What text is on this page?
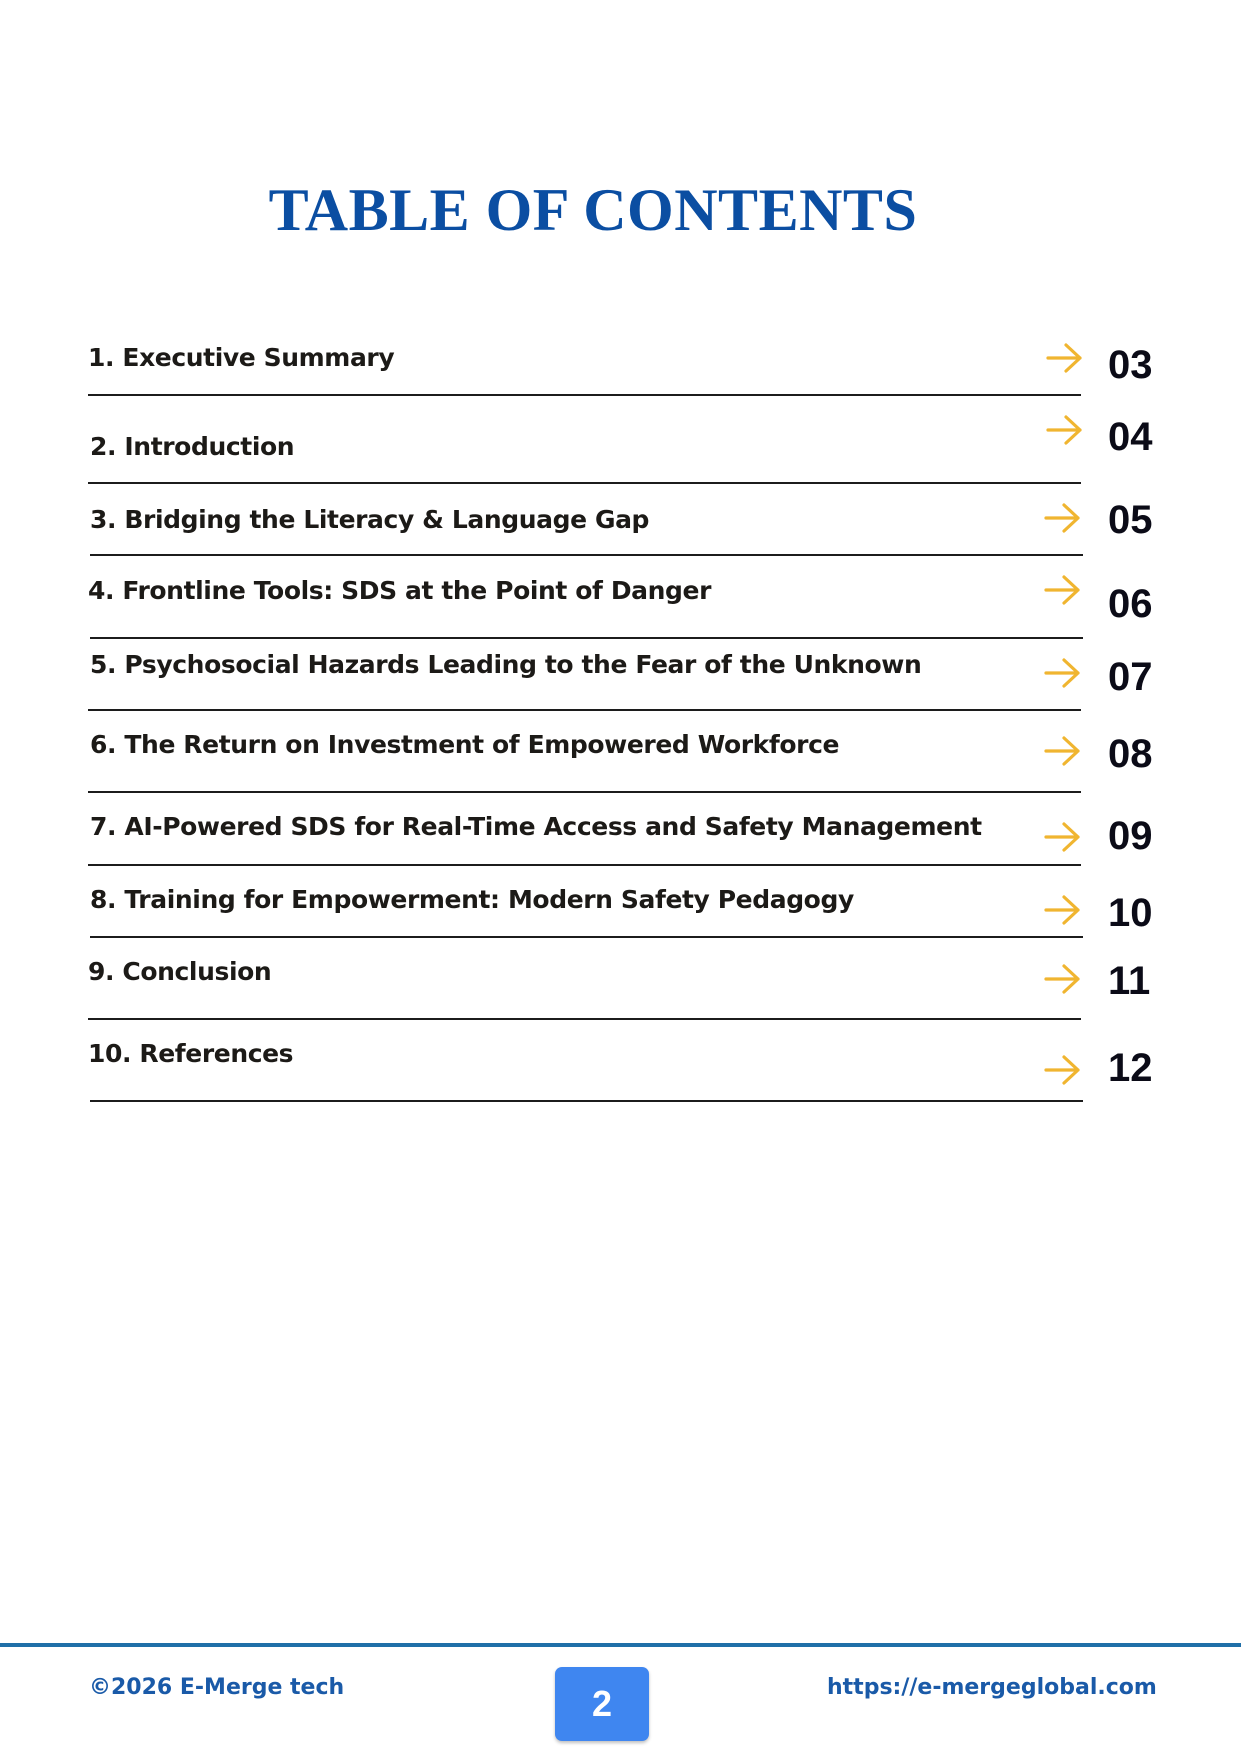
TABLE OF CONTENTS
1. Executive Summary	03
2. Introduction	04
3. Bridging the Literacy & Language Gap	05
4. Frontline Tools: SDS at the Point of Danger	06
5. Psychosocial Hazards Leading to the Fear of the Unknown	07
6. The Return on Investment of Empowered Workforce	08
7. AI-Powered SDS for Real-Time Access and Safety Management	09
8. Training for Empowerment: Modern Safety Pedagogy	10
9. Conclusion	11
10. References	12
©2026 E-Merge tech	2	https://e-mergeglobal.com
